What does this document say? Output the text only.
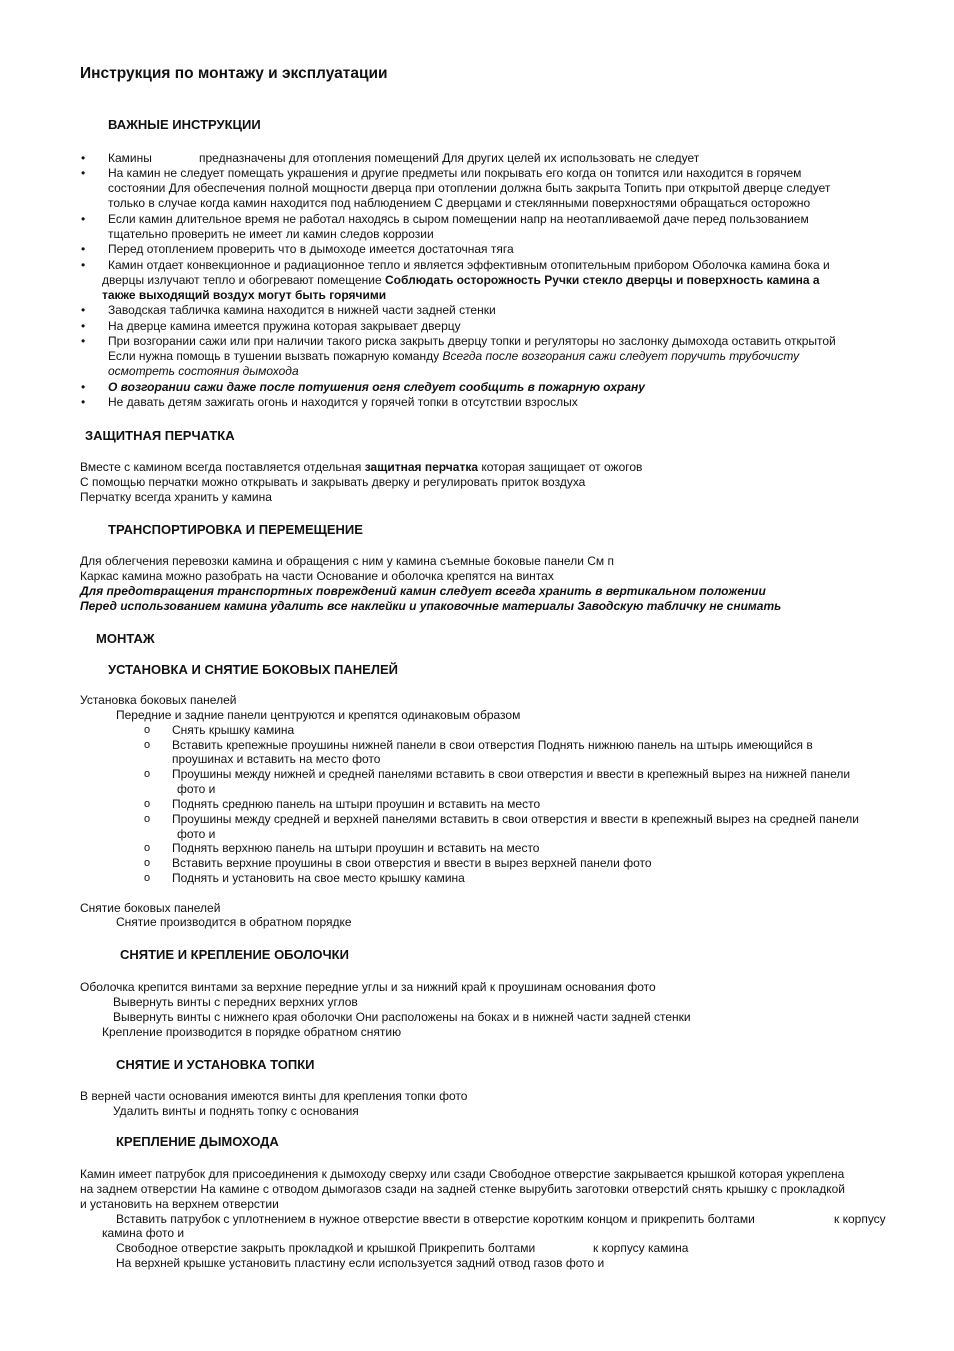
Инструкция по монтажу и эксплуатации
ВАЖНЫЕ ИНСТРУКЦИИ
• Камины	предназначены для отопления помещений Для других целей их использовать не следует
• На камин не следует помещать украшения и другие предметы или покрывать его когда он топится или находится в горячем
состоянии Для обеспечения полной мощности дверца при отоплении должна быть закрыта Топить при открытой дверце следует
только в случае когда камин находится под наблюдением С дверцами и стеклянными поверхностями обращаться осторожно
• Если камин длительное время не работал находясь в сыром помещении напр на неотапливаемой даче перед пользованием
тщательно проверить не имеет ли камин следов коррозии
• Перед отоплением проверить что в дымоходе имеется достаточная тяга
• Камин отдает конвекционное и радиационное тепло и является эффективным отопительным прибором Оболочка камина бока и
дверцы излучают тепло и обогревают помещение Соблюдать осторожность Ручки стекло дверцы и поверхность камина а
также выходящий воздух могут быть горячими
• Заводская табличка камина находится в нижней части задней стенки
• На дверце камина имеется пружина которая закрывает дверцу
• При возгорании сажи или при наличии такого риска закрыть дверцу топки и регуляторы но заслонку дымохода оставить открытой
Если нужна помощь в тушении вызвать пожарную команду Всегда после возгорания сажи следует поручить трубочисту
осмотреть состояния дымохода
• О возгорании сажи даже после потушения огня следует сообщить в пожарную охрану
• Не давать детям зажигать огонь и находится у горячей топки в отсутствии взрослых
ЗАЩИТНАЯ ПЕРЧАТКА
Вместе с камином всегда поставляется отдельная защитная перчатка которая защищает от ожогов
С помощью перчатки можно открывать и закрывать дверку и регулировать приток воздуха
Перчатку всегда хранить у камина
ТРАНСПОРТИРОВКА И ПЕРЕМЕЩЕНИЕ
Для облегчения перевозки камина и обращения с ним у камина съемные боковые панели См п
Каркас камина можно разобрать на части Основание и оболочка крепятся на винтах
Для предотвращения транспортных повреждений камин следует всегда хранить в вертикальном положении
Перед использованием камина удалить все наклейки и упаковочные материалы Заводскую табличку не снимать
МОНТАЖ
УСТАНОВКА И СНЯТИЕ БОКОВЫХ ПАНЕЛЕЙ
Установка боковых панелей
Передние и задние панели центруются и крепятся одинаковым образом
o Снять крышку камина
o Вставить крепежные проушины нижней панели в свои отверстия Поднять нижнюю панель на штырь имеющийся в
проушинах и вставить на место фото
o Проушины между нижней и средней панелями вставить в свои отверстия и ввести в крепежный вырез на нижней панели
фото и
o Поднять среднюю панель на штыри проушин и вставить на место
o Проушины между средней и верхней панелями вставить в свои отверстия и ввести в крепежный вырез на средней панели
фото и
o Поднять верхнюю панель на штыри проушин и вставить на место
o Вставить верхние проушины в свои отверстия и ввести в вырез верхней панели фото
o Поднять и установить на свое место крышку камина
Снятие боковых панелей
Снятие производится в обратном порядке
СНЯТИЕ И КРЕПЛЕНИЕ ОБОЛОЧКИ
Оболочка крепится винтами за верхние передние углы и за нижний край к проушинам основания фото
Вывернуть винты с передних верхних углов
Вывернуть винты с нижнего края оболочки Они расположены на боках и в нижней части задней стенки
Крепление производится в порядке обратном снятию
СНЯТИЕ И УСТАНОВКА ТОПКИ
В верней части основания имеются винты для крепления топки фото
Удалить винты и поднять топку с основания
КРЕПЛЕНИЕ ДЫМОХОДА
Камин имеет патрубок для присоединения к дымоходу сверху или сзади Свободное отверстие закрывается крышкой которая укреплена
на заднем отверстии На камине с отводом дымогазов сзади на задней стенке вырубить заготовки отверстий снять крышку с прокладкой
и установить на верхнем отверстии
Вставить патрубок с уплотнением в нужное отверстие ввести в отверстие коротким концом и прикрепить болтами	к корпусу
камина фото и
Свободное отверстие закрыть прокладкой и крышкой Прикрепить болтами	к корпусу камина
На верхней крышке установить пластину если используется задний отвод газов фото и
